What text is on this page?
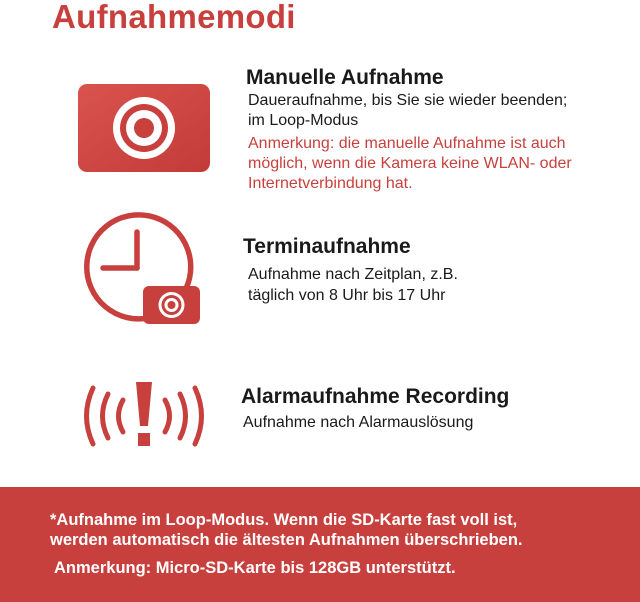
Aufnahmemodi
Manuelle Aufnahme

Daueraufnahme, bis Sie sie wieder beenden;

im Loop-Modus

Anmerkung: die manuelle Aufnahme ist auch

möglich, wenn die Kamera keine WLAN- oder

Internetverbindung hat.

Terminaufnahme

Aufnahme nach Zeitplan, z.B.

täglich von 8 Uhr bis 17 Uhr

Alarmaufnahme Recording

Aufnahme nach Alarmauslösung

*Aufnahme im Loop-Modus. Wenn die SD-Karte fast voll ist,

werden automatisch die ältesten Aufnahmen überschrieben.

Anmerkung: Micro-SD-Karte bis 128GB unterstützt.
